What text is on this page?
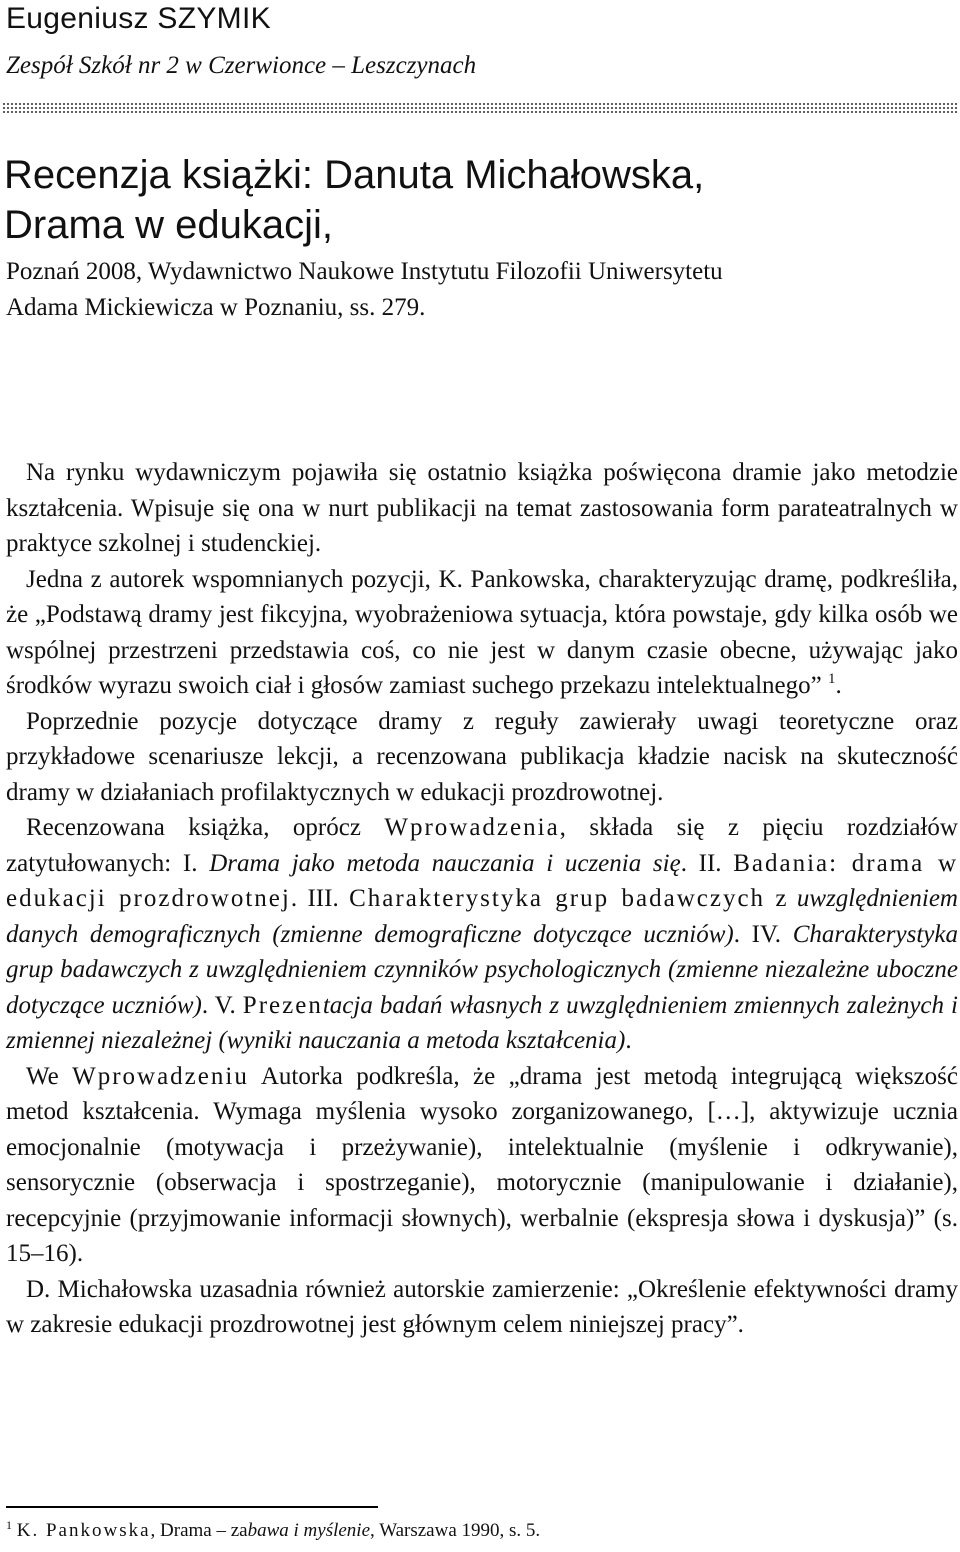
Eugeniusz SZYMIK
Zespół Szkół nr 2 w Czerwionce – Leszczynach
Recenzja książki: Danuta Michałowska,
Drama w edukacji,
Poznań 2008, Wydawnictwo Naukowe Instytutu Filozofii Uniwersytetu
Adama Mickiewicza w Poznaniu, ss. 279.

Na rynku wydawniczym pojawiła się ostatnio książka poświęcona dramie jako metodzie kształcenia. Wpisuje się ona w nurt publikacji na temat zastosowania form parateatralnych w praktyce szkolnej i studenckiej.

Jedna z autorek wspomnianych pozycji, K. Pankowska, charakteryzując dramę, podkreśliła, że „Podstawą dramy jest fikcyjna, wyobrażeniowa sytuacja, która powstaje, gdy kilka osób we wspólnej przestrzeni przedstawia coś, co nie jest w danym czasie obecne, używając jako środków wyrazu swoich ciał i głosów zamiast suchego przekazu intelektualnego” $^1$.

Poprzednie pozycje dotyczące dramy z reguły zawierały uwagi teoretyczne oraz przykładowe scenariusze lekcji, a recenzowana publikacja kładzie nacisk na skuteczność dramy w działaniach profilaktycznych w edukacji prozdrowotnej.

Recenzowana książka, oprócz Wprowadzenia, składa się z pięciu rozdziałów zatytułowanych: I. Drama jako metoda nauczania i uczenia się. II. Badania: drama w edukacji prozdrowotnej. III. Charakterystyka grup badawczych z uwzględnieniem danych demograficznych (zmienne demograficzne dotyczące uczniów). IV. Charakterystyka grup badawczych z uwzględnieniem czynników psychologicznych (zmienne niezależne uboczne dotyczące uczniów). V. Prezentacja badań własnych z uwzględnieniem zmiennych zależnych i zmiennej niezależnej (wyniki nauczania a metoda kształcenia).

We Wprowadzeniu Autorka podkreśla, że „drama jest metodą integrującą większość metod kształcenia. Wymaga myślenia wysoko zorganizowanego, […], aktywizuje ucznia emocjonalnie (motywacja i przeżywanie), intelektualnie (myślenie i odkrywanie), sensorycznie (obserwacja i spostrzeganie), motorycznie (manipulowanie i działanie), recepcyjnie (przyjmowanie informacji słownych), werbalnie (ekspresja słowa i dyskusja)” (s. 15–16).

D. Michałowska uzasadnia również autorskie zamierzenie: „Określenie efektywności dramy w zakresie edukacji prozdrowotnej jest głównym celem niniejszej pracy”.

$^1$ K. Pankowska, Drama – zabawa i myślenie, Warszawa 1990, s. 5.
